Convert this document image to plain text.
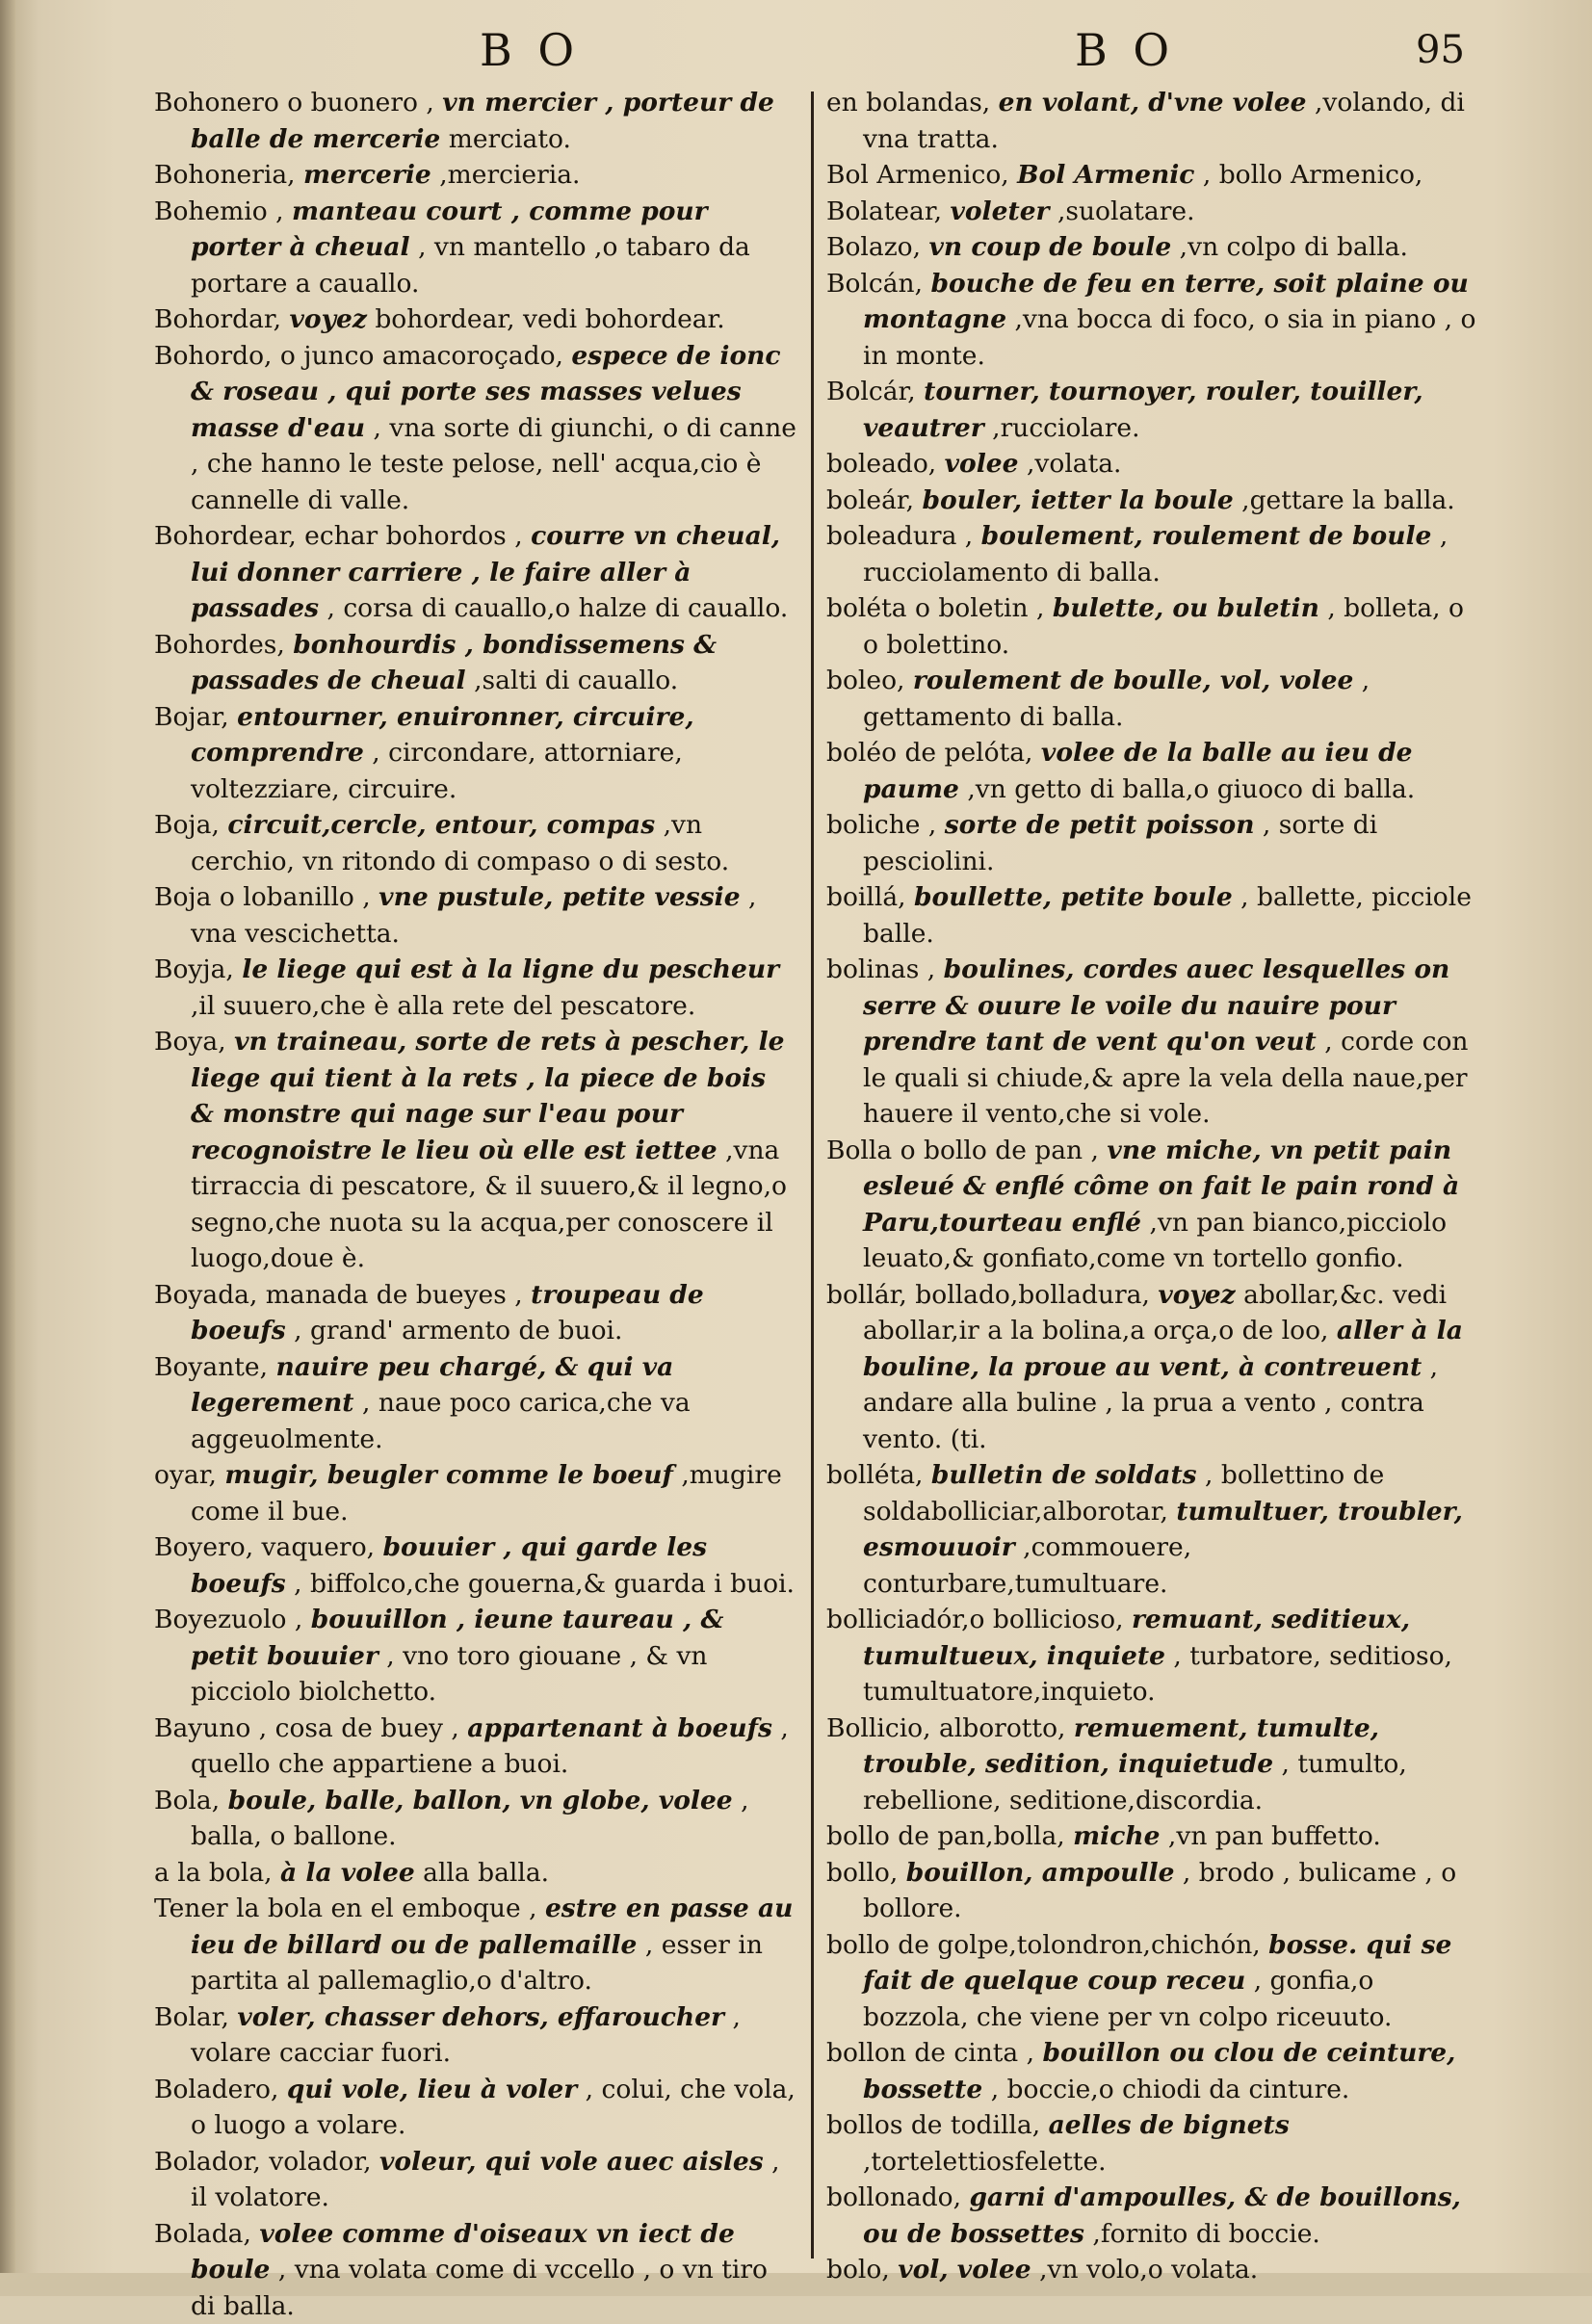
B O	B O	95
Bohonero o buonero , vn mercier , porteur de balle de mercerie merciato.
Bohoneria, mercerie ,mercieria.
Bohemio , manteau court , comme pour porter à cheual , vn mantello ,o tabaro da portare a cauallo.
Bohordar, voyez bohordear, vedi bohordear.
Bohordo, o junco amacoroçado, espece de ionc & roseau , qui porte ses masses velues masse d'eau , vna sorte di giunchi, o di canne , che hanno le teste pelose, nell' acqua,cio è cannelle di valle.
Bohordear, echar bohordos , courre vn cheual, lui donner carriere , le faire aller à passades , corsa di cauallo,o halze di cauallo.
Bohordes, bonhourdis , bondissemens & passades de cheual ,salti di cauallo.
Bojar, entourner, enuironner, circuire, comprendre , circondare, attorniare, voltezziare, circuire.
Boja, circuit,cercle, entour, compas ,vn cerchio, vn ritondo di compaso o di sesto.
Boja o lobanillo , vne pustule, petite vessie , vna vescichetta.
Boyja, le liege qui est à la ligne du pescheur ,il suuero,che è alla rete del pescatore.
Boya, vn traineau, sorte de rets à pescher, le liege qui tient à la rets , la piece de bois & monstre qui nage sur l'eau pour recognoistre le lieu où elle est iettee ,vna tirraccia di pescatore, & il suuero,& il legno,o segno,che nuota su la acqua,per conoscere il luogo,doue è.
Boyada, manada de bueyes , troupeau de boeufs , grand' armento de buoi.
Boyante, nauire peu chargé, & qui va legerement , naue poco carica,che va aggeuolmente.
oyar, mugir, beugler comme le boeuf ,mugire come il bue.
Boyero, vaquero, bouuier , qui garde les boeufs , biffolco,che gouerna,& guarda i buoi.
Boyezuolo , bouuillon , ieune taureau , & petit bouuier , vno toro giouane , & vn picciolo biolchetto.
Bayuno , cosa de buey , appartenant à boeufs , quello che appartiene a buoi.
Bola, boule, balle, ballon, vn globe, volee , balla, o ballone.
a la bola, à la volee alla balla.
Tener la bola en el emboque , estre en passe au ieu de billard ou de pallemaille , esser in partita al pallemaglio,o d'altro.
Bolar, voler, chasser dehors, effaroucher , volare cacciar fuori.
Boladero, qui vole, lieu à voler , colui, che vola, o luogo a volare.
Bolador, volador, voleur, qui vole auec aisles , il volatore.
Bolada, volee comme d'oiseaux vn iect de boule , vna volata come di vccello , o vn tiro di balla.
en bolandas, en volant, d'vne volee ,volando, di vna tratta.
Bol Armenico, Bol Armenic , bollo Armenico,
Bolatear, voleter ,suolatare.
Bolazo, vn coup de boule ,vn colpo di balla.
Bolcán, bouche de feu en terre, soit plaine ou montagne ,vna bocca di foco, o sia in piano , o in monte.
Bolcár, tourner, tournoyer, rouler, touiller, veautrer ,rucciolare.
boleado, volee ,volata.
boleár, bouler, ietter la boule ,gettare la balla.
boleadura , boulement, roulement de boule , rucciolamento di balla.
boléta o boletin , bulette, ou buletin , bolleta, o o bolettino.
boleo, roulement de boulle, vol, volee , gettamento di balla.
boléo de pelóta, volee de la balle au ieu de paume ,vn getto di balla,o giuoco di balla.
boliche , sorte de petit poisson , sorte di pesciolini.
boillá, boullette, petite boule , ballette, picciole balle.
bolinas , boulines, cordes auec lesquelles on serre & ouure le voile du nauire pour prendre tant de vent qu'on veut , corde con le quali si chiude,& apre la vela della naue,per hauere il vento,che si vole.
Bolla o bollo de pan , vne miche, vn petit pain esleué & enflé côme on fait le pain rond à Paru,tourteau enflé ,vn pan bianco,picciolo leuato,& gonfiato,come vn tortello gonfio.
bollár, bollado,bolladura, voyez abollar,&c. vedi abollar,ir a la bolina,a orça,o de loo, aller à la bouline, la proue au vent, à contreuent , andare alla buline , la prua a vento , contra vento. (ti.
bolléta, bulletin de soldats , bollettino de soldabolliciar,alborotar, tumultuer, troubler, esmouuoir ,commouere, conturbare,tumultuare.
bolliciadór,o bollicioso, remuant, seditieux, tumultueux, inquiete , turbatore, seditioso, tumultuatore,inquieto.
Bollicio, alborotto, remuement, tumulte, trouble, sedition, inquietude , tumulto, rebellione, seditione,discordia.
bollo de pan,bolla, miche ,vn pan buffetto.
bollo, bouillon, ampoulle , brodo , bulicame , o bollore.
bollo de golpe,tolondron,chichón, bosse. qui se fait de quelque coup receu , gonfia,o bozzola, che viene per vn colpo riceuuto.
bollon de cinta , bouillon ou clou de ceinture, bossette , boccie,o chiodi da cinture.
bollos de todilla, aelles de bignets ,tortelettiosfelette.
bollonado, garni d'ampoulles, & de bouillons, ou de bossettes ,fornito di boccie.
bolo, vol, volee ,vn volo,o volata.
